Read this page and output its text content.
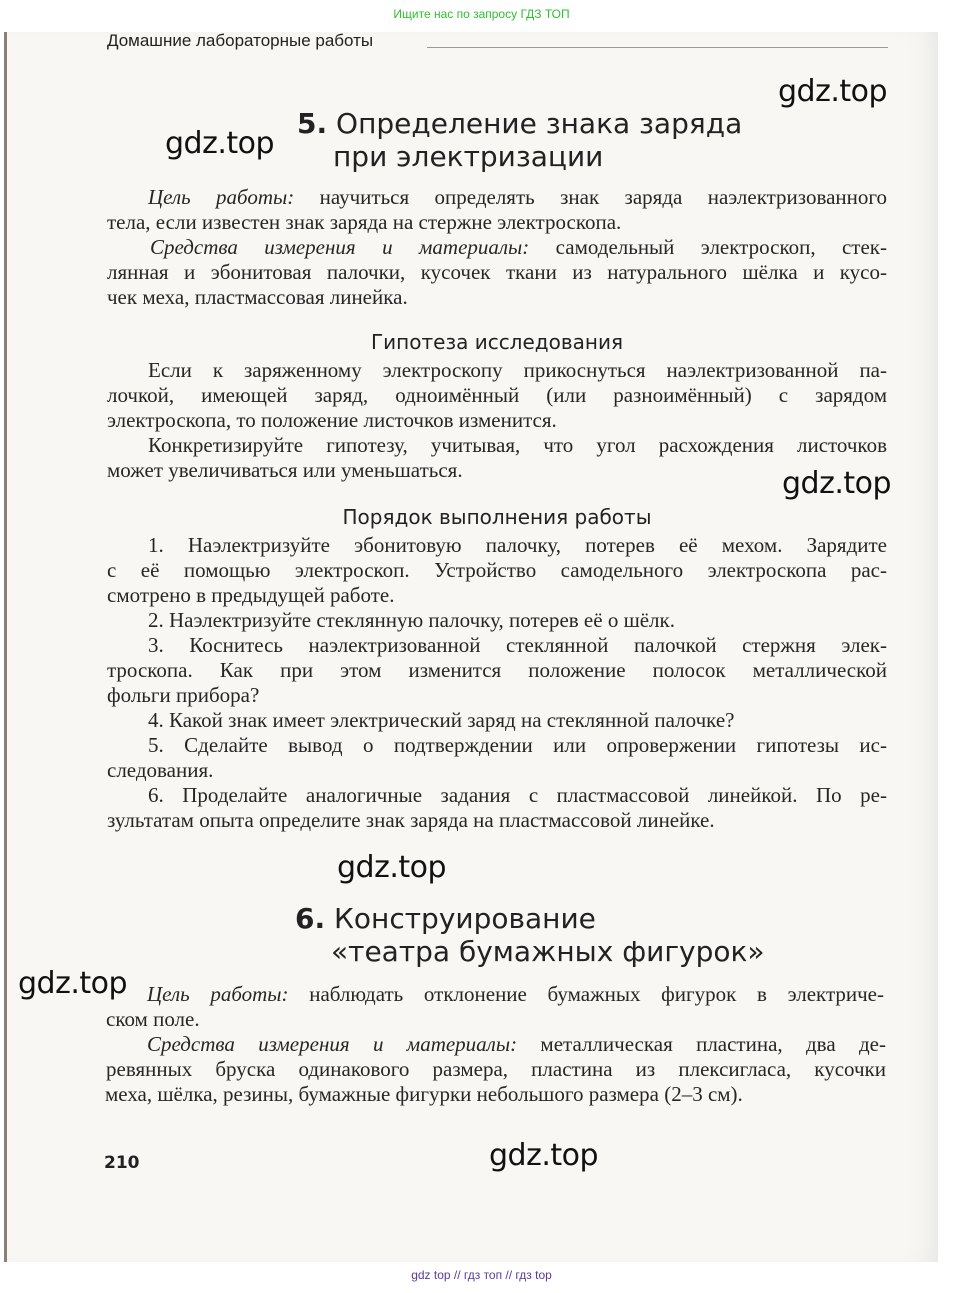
Ищите нас по запросу ГДЗ ТОП
Домашние лабораторные работы
gdz.top
gdz.top
gdz.top
gdz.top
gdz.top
gdz.top
5. Определение знака заряда
при электризации
Цель работы: научиться определять знак заряда наэлектризованного
тела, если известен знак заряда на стержне электроскопа.
Средства измерения и материалы: самодельный электроскоп, стек-
лянная и эбонитовая палочки, кусочек ткани из натурального шёлка и кусо-
чек меха, пластмассовая линейка.
Гипотеза исследования
Если к заряженному электроскопу прикоснуться наэлектризованной па-
лочкой, имеющей заряд, одноимённый (или разноимённый) с зарядом
электроскопа, то положение листочков изменится.
Конкретизируйте гипотезу, учитывая, что угол расхождения листочков
может увеличиваться или уменьшаться.
Порядок выполнения работы
1. Наэлектризуйте эбонитовую палочку, потерев её мехом. Зарядите
с её помощью электроскоп. Устройство самодельного электроскопа рас-
смотрено в предыдущей работе.
2. Наэлектризуйте стеклянную палочку, потерев её о шёлк.
3. Коснитесь наэлектризованной стеклянной палочкой стержня элек-
троскопа. Как при этом изменится положение полосок металлической
фольги прибора?
4. Какой знак имеет электрический заряд на стеклянной палочке?
5. Сделайте вывод о подтверждении или опровержении гипотезы ис-
следования.
6. Проделайте аналогичные задания с пластмассовой линейкой. По ре-
зультатам опыта определите знак заряда на пластмассовой линейке.
6. Конструирование
«театра бумажных фигурок»
Цель работы: наблюдать отклонение бумажных фигурок в электриче-
ском поле.
Средства измерения и материалы: металлическая пластина, два де-
ревянных бруска одинакового размера, пластина из плексигласа, кусочки
меха, шёлка, резины, бумажные фигурки небольшого размера (2–3 см).
210
gdz top // гдз топ // гдз top
